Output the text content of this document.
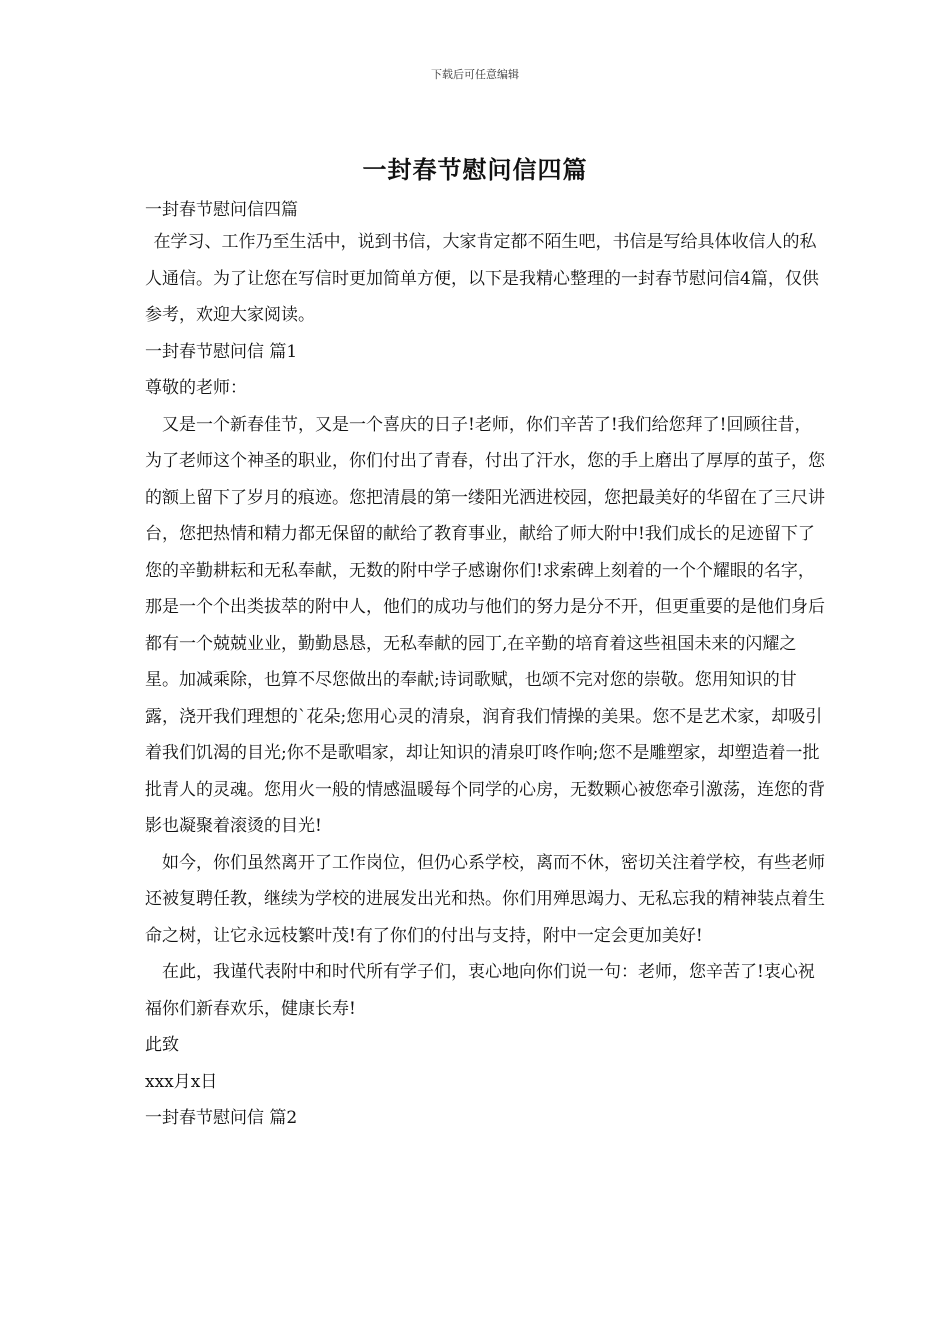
下载后可任意编辑
一封春节慰问信四篇

一封春节慰问信四篇

在学习、工作乃至生活中，说到书信，大家肯定都不陌生吧，书信是写给具体收信人的私人通信。为了让您在写信时更加简单方便，以下是我精心整理的一封春节慰问信4篇，仅供参考，欢迎大家阅读。

一封春节慰问信 篇1

尊敬的老师：

又是一个新春佳节，又是一个喜庆的日子!老师，你们辛苦了!我们给您拜了!回顾往昔，为了老师这个神圣的职业，你们付出了青春，付出了汗水，您的手上磨出了厚厚的茧子，您的额上留下了岁月的痕迹。您把清晨的第一缕阳光洒进校园，您把最美好的华留在了三尺讲台，您把热情和精力都无保留的献给了教育事业，献给了师大附中!我们成长的足迹留下了您的辛勤耕耘和无私奉献，无数的附中学子感谢你们!求索碑上刻着的一个个耀眼的名字，那是一个个出类拔萃的附中人，他们的成功与他们的努力是分不开，但更重要的是他们身后都有一个兢兢业业，勤勤恳恳，无私奉献的园丁,在辛勤的培育着这些祖国未来的闪耀之星。加减乘除，也算不尽您做出的奉献;诗词歌赋，也颂不完对您的崇敬。您用知识的甘露，浇开我们理想的`花朵;您用心灵的清泉，润育我们情操的美果。您不是艺术家，却吸引着我们饥渴的目光;你不是歌唱家，却让知识的清泉叮咚作响;您不是雕塑家，却塑造着一批批青人的灵魂。您用火一般的情感温暖每个同学的心房，无数颗心被您牵引激荡，连您的背影也凝聚着滚烫的目光!

如今，你们虽然离开了工作岗位，但仍心系学校，离而不休，密切关注着学校，有些老师还被复聘任教，继续为学校的进展发出光和热。你们用殚思竭力、无私忘我的精神装点着生命之树，让它永远枝繁叶茂!有了你们的付出与支持，附中一定会更加美好!

在此，我谨代表附中和时代所有学子们，衷心地向你们说一句：老师，您辛苦了!衷心祝福你们新春欢乐，健康长寿!

此致

xxx月x日

一封春节慰问信 篇2
